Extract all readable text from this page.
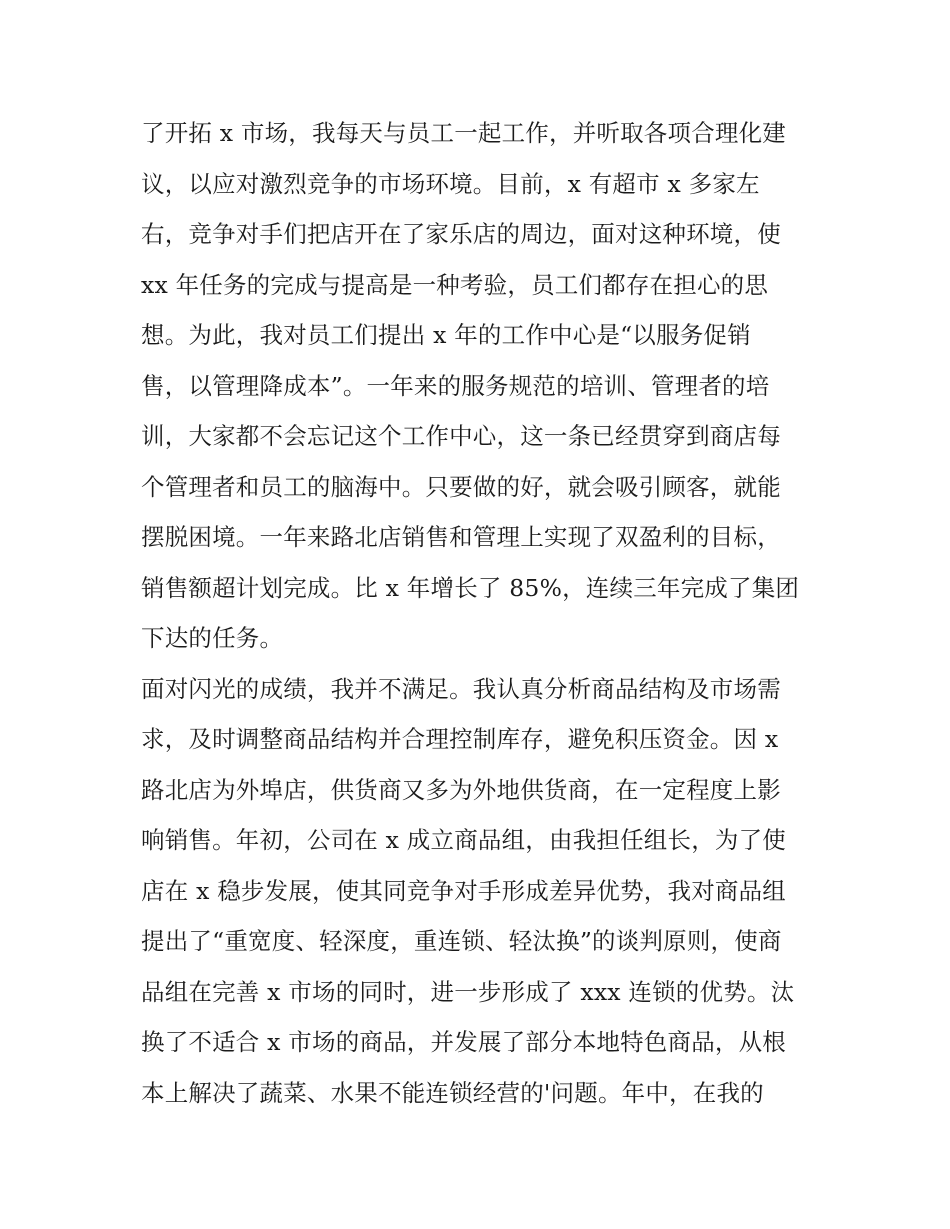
了开拓 x 市场，我每天与员工一起工作，并听取各项合理化建
议，以应对激烈竞争的市场环境。目前，x 有超市 x 多家左
右，竞争对手们把店开在了家乐店的周边，面对这种环境，使
xx 年任务的完成与提高是一种考验，员工们都存在担心的思
想。为此，我对员工们提出 x 年的工作中心是“以服务促销
售，以管理降成本”。一年来的服务规范的培训、管理者的培
训，大家都不会忘记这个工作中心，这一条已经贯穿到商店每
个管理者和员工的脑海中。只要做的好，就会吸引顾客，就能
摆脱困境。一年来路北店销售和管理上实现了双盈利的目标，
销售额超计划完成。比 x 年增长了 85%，连续三年完成了集团
下达的任务。
面对闪光的成绩，我并不满足。我认真分析商品结构及市场需
求，及时调整商品结构并合理控制库存，避免积压资金。因 x
路北店为外埠店，供货商又多为外地供货商，在一定程度上影
响销售。年初，公司在 x 成立商品组，由我担任组长，为了使
店在 x 稳步发展，使其同竞争对手形成差异优势，我对商品组
提出了“重宽度、轻深度，重连锁、轻汰换”的谈判原则，使商
品组在完善 x 市场的同时，进一步形成了 xxx 连锁的优势。汰
换了不适合 x 市场的商品，并发展了部分本地特色商品，从根
本上解决了蔬菜、水果不能连锁经营的'问题。年中，在我的
